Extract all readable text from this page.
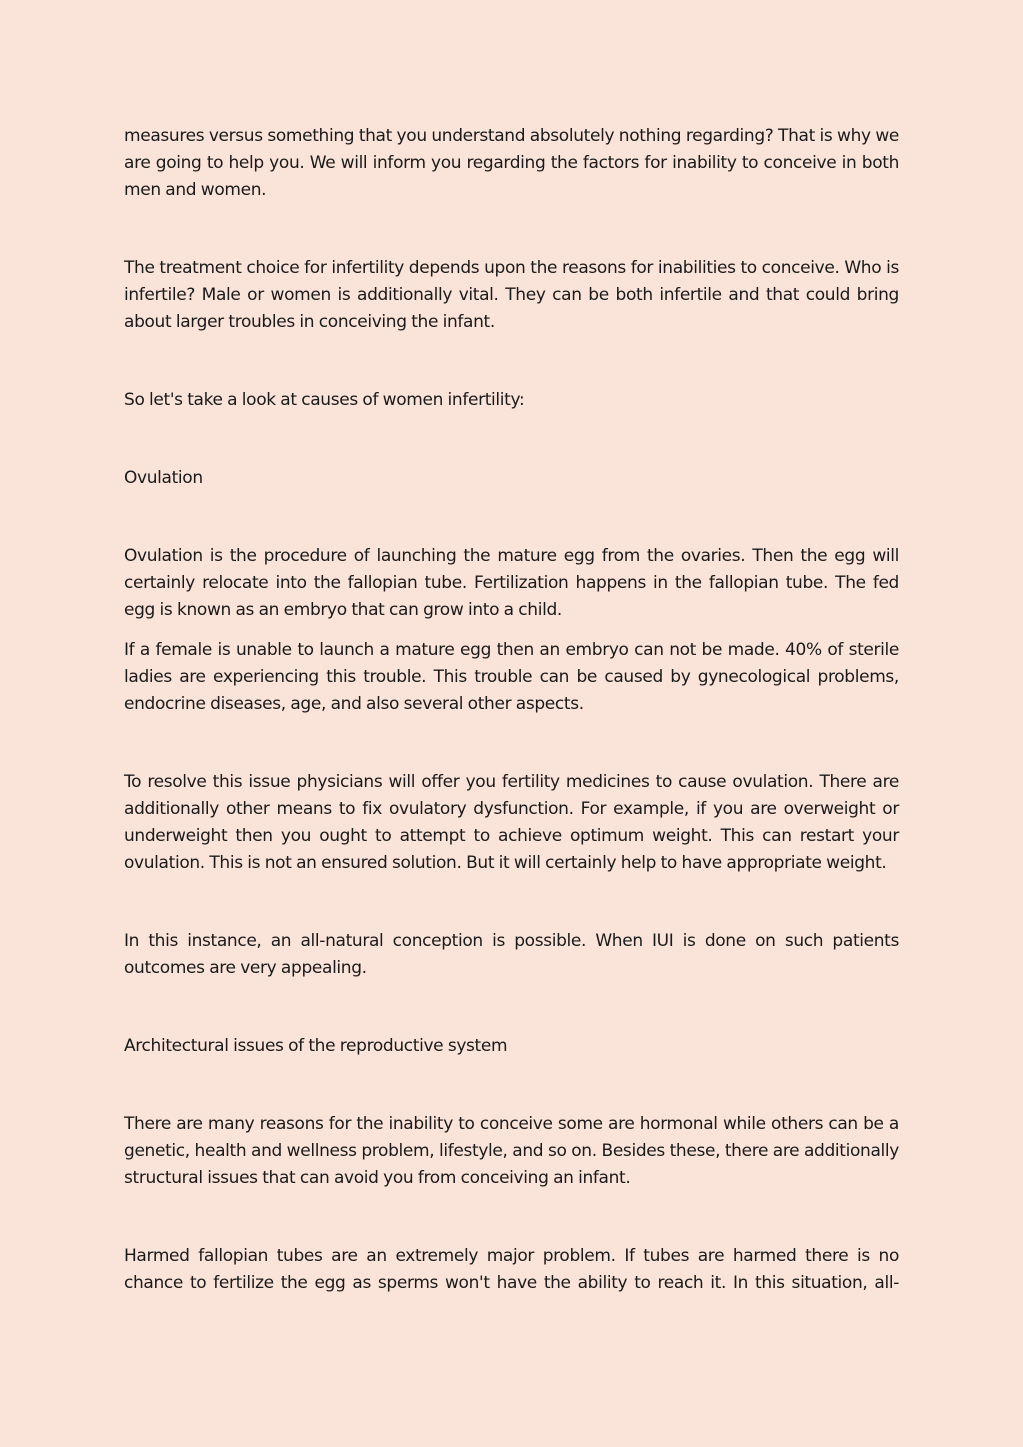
measures versus something that you understand absolutely nothing regarding? That is why we are going to help you. We will inform you regarding the factors for inability to conceive in both men and women.

The treatment choice for infertility depends upon the reasons for inabilities to conceive. Who is infertile? Male or women is additionally vital. They can be both infertile and that could bring about larger troubles in conceiving the infant.

So let's take a look at causes of women infertility:

Ovulation

Ovulation is the procedure of launching the mature egg from the ovaries. Then the egg will certainly relocate into the fallopian tube. Fertilization happens in the fallopian tube. The fed egg is known as an embryo that can grow into a child.

If a female is unable to launch a mature egg then an embryo can not be made. 40% of sterile ladies are experiencing this trouble. This trouble can be caused by gynecological problems, endocrine diseases, age, and also several other aspects.

To resolve this issue physicians will offer you fertility medicines to cause ovulation. There are additionally other means to fix ovulatory dysfunction. For example, if you are overweight or underweight then you ought to attempt to achieve optimum weight. This can restart your ovulation. This is not an ensured solution. But it will certainly help to have appropriate weight.

In this instance, an all-natural conception is possible. When IUI is done on such patients outcomes are very appealing.

Architectural issues of the reproductive system

There are many reasons for the inability to conceive some are hormonal while others can be a genetic, health and wellness problem, lifestyle, and so on. Besides these, there are additionally structural issues that can avoid you from conceiving an infant.

Harmed fallopian tubes are an extremely major problem. If tubes are harmed there is no chance to fertilize the egg as sperms won't have the ability to reach it. In this situation, all-
